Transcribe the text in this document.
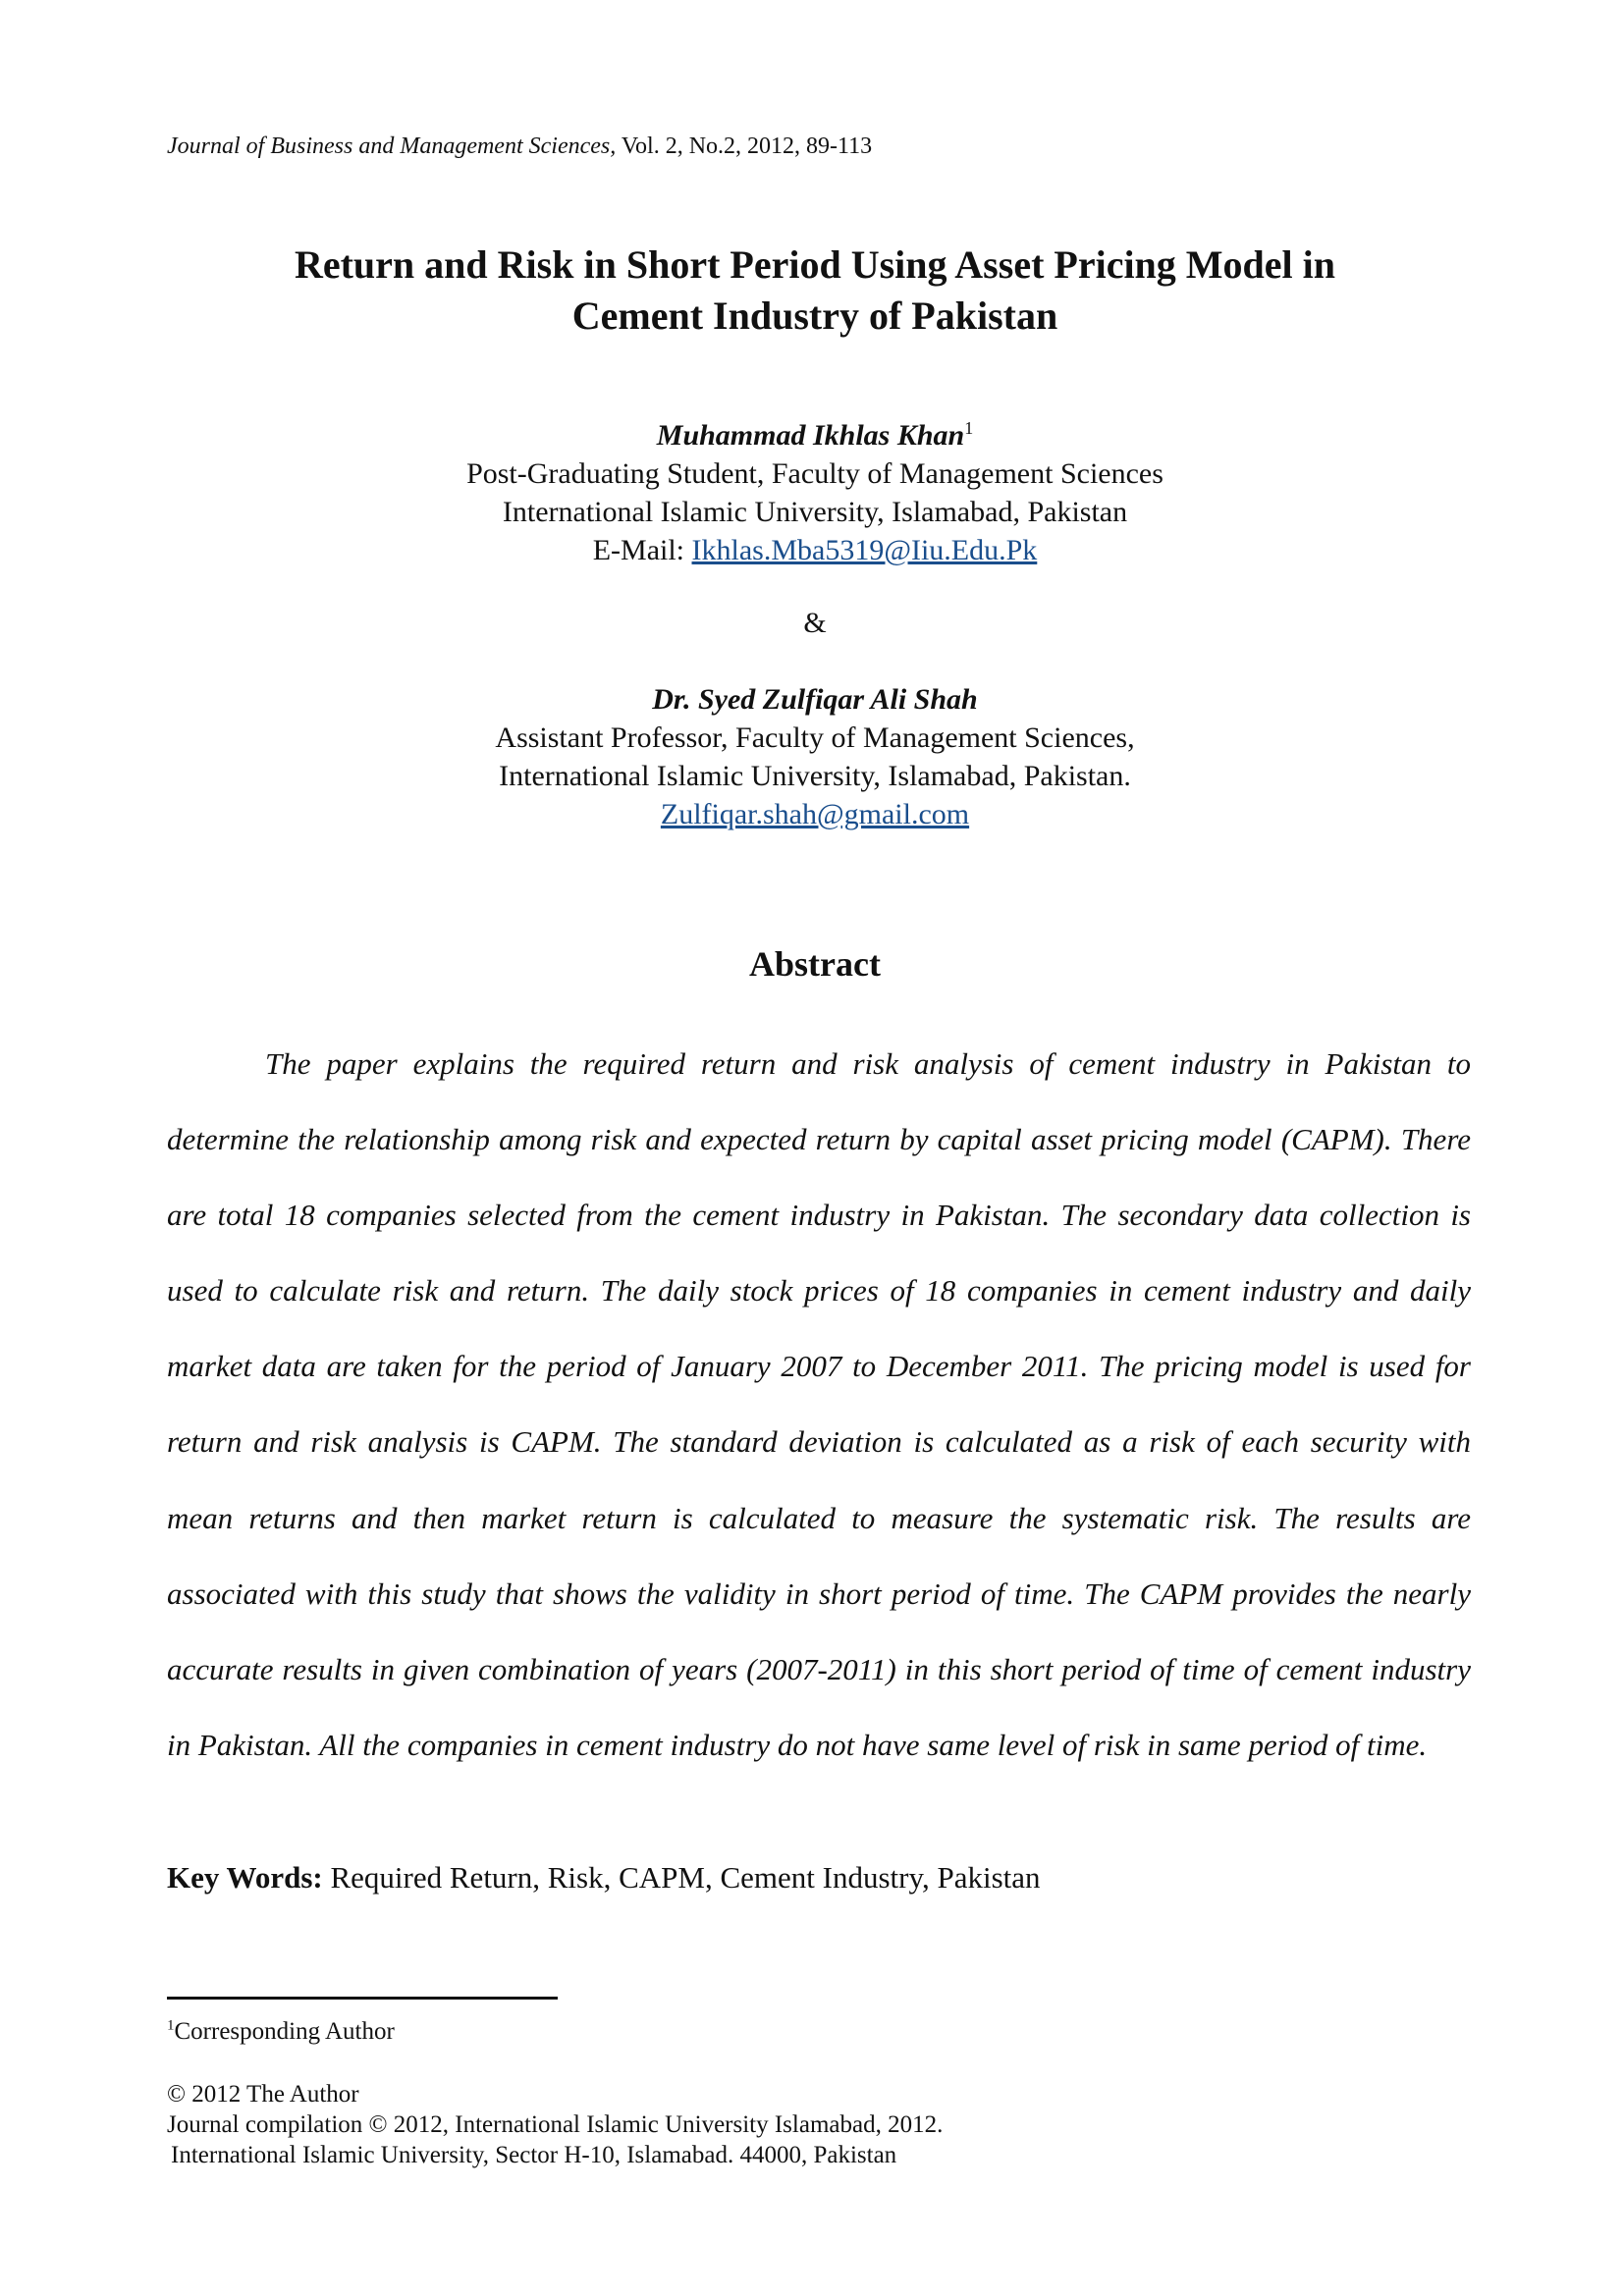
Journal of Business and Management Sciences, Vol. 2, No.2, 2012, 89-113
Return and Risk in Short Period Using Asset Pricing Model in
Cement Industry of Pakistan
Muhammad Ikhlas Khan$^1$
Post-Graduating Student, Faculty of Management Sciences
International Islamic University, Islamabad, Pakistan
E-Mail: Ikhlas.Mba5319@Iiu.Edu.Pk
&
Dr. Syed Zulfiqar Ali Shah
Assistant Professor, Faculty of Management Sciences,
International Islamic University, Islamabad, Pakistan.
Zulfiqar.shah@gmail.com
Abstract

The paper explains the required return and risk analysis of cement industry in Pakistan to determine the relationship among risk and expected return by capital asset pricing model (CAPM). There are total 18 companies selected from the cement industry in Pakistan. The secondary data collection is used to calculate risk and return. The daily stock prices of 18 companies in cement industry and daily market data are taken for the period of January 2007 to December 2011. The pricing model is used for return and risk analysis is CAPM. The standard deviation is calculated as a risk of each security with mean returns and then market return is calculated to measure the systematic risk. The results are associated with this study that shows the validity in short period of time. The CAPM provides the nearly accurate results in given combination of years (2007-2011) in this short period of time of cement industry in Pakistan. All the companies in cement industry do not have same level of risk in same period of time.

Key Words: Required Return, Risk, CAPM, Cement Industry, Pakistan
$^1$Corresponding Author
© 2012 The Author
Journal compilation © 2012, International Islamic University Islamabad, 2012.
International Islamic University, Sector H-10, Islamabad. 44000, Pakistan
